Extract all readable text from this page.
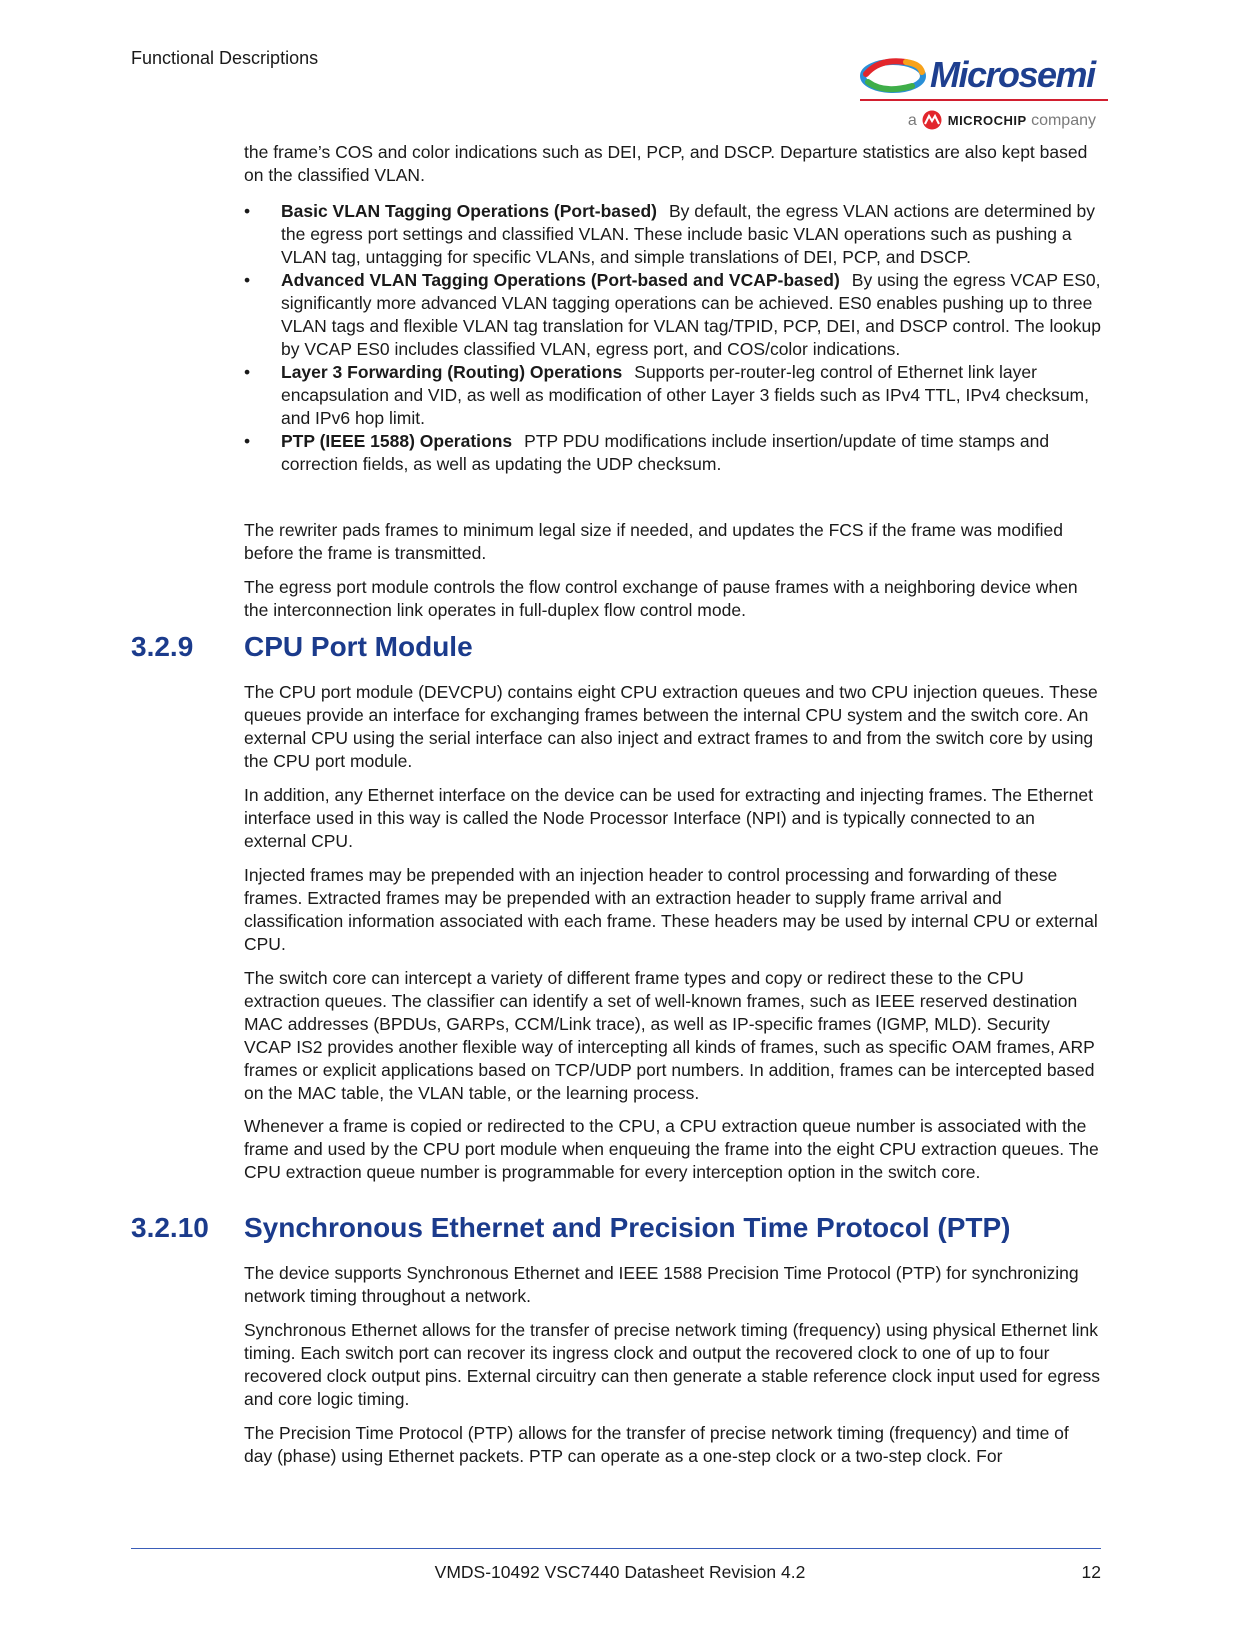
Functional Descriptions	Microsemi
a MICROCHIP company

the frame’s COS and color indications such as DEI, PCP, and DSCP. Departure statistics are also kept based on the classified VLAN.

• Basic VLAN Tagging Operations (Port-based) By default, the egress VLAN actions are determined by the egress port settings and classified VLAN. These include basic VLAN operations such as pushing a VLAN tag, untagging for specific VLANs, and simple translations of DEI, PCP, and DSCP.
• Advanced VLAN Tagging Operations (Port-based and VCAP-based) By using the egress VCAP ES0, significantly more advanced VLAN tagging operations can be achieved. ES0 enables pushing up to three VLAN tags and flexible VLAN tag translation for VLAN tag/TPID, PCP, DEI, and DSCP control. The lookup by VCAP ES0 includes classified VLAN, egress port, and COS/color indications.
• Layer 3 Forwarding (Routing) Operations Supports per-router-leg control of Ethernet link layer encapsulation and VID, as well as modification of other Layer 3 fields such as IPv4 TTL, IPv4 checksum, and IPv6 hop limit.
• PTP (IEEE 1588) Operations PTP PDU modifications include insertion/update of time stamps and correction fields, as well as updating the UDP checksum.

The rewriter pads frames to minimum legal size if needed, and updates the FCS if the frame was modified before the frame is transmitted.

The egress port module controls the flow control exchange of pause frames with a neighboring device when the interconnection link operates in full-duplex flow control mode.

3.2.9 CPU Port Module

The CPU port module (DEVCPU) contains eight CPU extraction queues and two CPU injection queues. These queues provide an interface for exchanging frames between the internal CPU system and the switch core. An external CPU using the serial interface can also inject and extract frames to and from the switch core by using the CPU port module.

In addition, any Ethernet interface on the device can be used for extracting and injecting frames. The Ethernet interface used in this way is called the Node Processor Interface (NPI) and is typically connected to an external CPU.

Injected frames may be prepended with an injection header to control processing and forwarding of these frames. Extracted frames may be prepended with an extraction header to supply frame arrival and classification information associated with each frame. These headers may be used by internal CPU or external CPU.

The switch core can intercept a variety of different frame types and copy or redirect these to the CPU extraction queues. The classifier can identify a set of well-known frames, such as IEEE reserved destination MAC addresses (BPDUs, GARPs, CCM/Link trace), as well as IP-specific frames (IGMP, MLD). Security VCAP IS2 provides another flexible way of intercepting all kinds of frames, such as specific OAM frames, ARP frames or explicit applications based on TCP/UDP port numbers. In addition, frames can be intercepted based on the MAC table, the VLAN table, or the learning process.

Whenever a frame is copied or redirected to the CPU, a CPU extraction queue number is associated with the frame and used by the CPU port module when enqueuing the frame into the eight CPU extraction queues. The CPU extraction queue number is programmable for every interception option in the switch core.

3.2.10 Synchronous Ethernet and Precision Time Protocol (PTP)

The device supports Synchronous Ethernet and IEEE 1588 Precision Time Protocol (PTP) for synchronizing network timing throughout a network.

Synchronous Ethernet allows for the transfer of precise network timing (frequency) using physical Ethernet link timing. Each switch port can recover its ingress clock and output the recovered clock to one of up to four recovered clock output pins. External circuitry can then generate a stable reference clock input used for egress and core logic timing.

The Precision Time Protocol (PTP) allows for the transfer of precise network timing (frequency) and time of day (phase) using Ethernet packets. PTP can operate as a one-step clock or a two-step clock. For

VMDS-10492 VSC7440 Datasheet Revision 4.2	12
